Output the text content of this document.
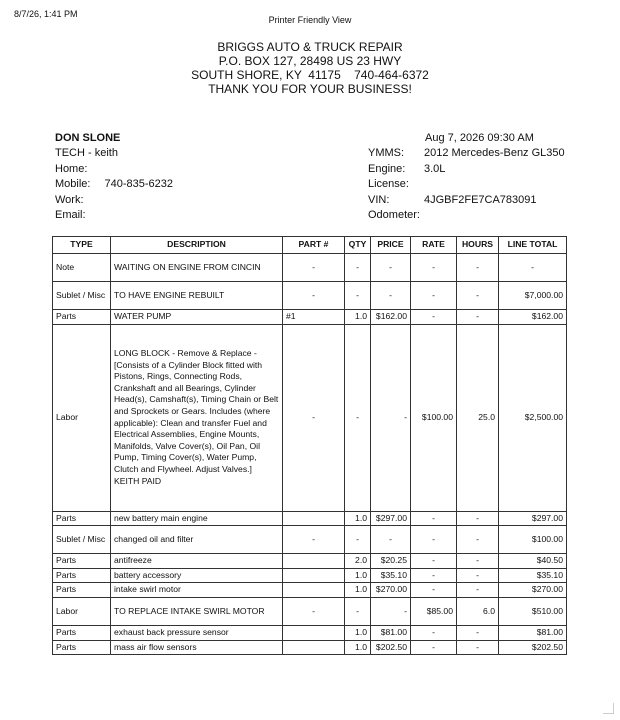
8/7/26, 1:41 PM
Printer Friendly View
BRIGGS AUTO & TRUCK REPAIR
P.O. BOX 127, 28498 US 23 HWY
SOUTH SHORE, KY  41175    740-464-6372
THANK YOU FOR YOUR BUSINESS!
DON SLONE
TECH - keith
Home:
Mobile: 740-835-6232
Work:
Email:
Aug 7, 2026 09:30 AM
YMMS:	2012 Mercedes-Benz GL350
Engine:	3.0L
License:
VIN:	4JGBF2FE7CA783091
Odometer:
TYPE	DESCRIPTION	PART #	QTY	PRICE	RATE	HOURS	LINE TOTAL
Note	WAITING ON ENGINE FROM CINCIN	-	-	-	-	-	-
Sublet / Misc	TO HAVE ENGINE REBUILT	-	-	-	-	-	$7,000.00
Parts	WATER PUMP	#1	1.0	$162.00	-	-	$162.00
Labor	LONG BLOCK - Remove & Replace - [Consists of a Cylinder Block fitted with Pistons, Rings, Connecting Rods, Crankshaft and all Bearings, Cylinder Head(s), Camshaft(s), Timing Chain or Belt and Sprockets or Gears. Includes (where applicable): Clean and transfer Fuel and Electrical Assemblies, Engine Mounts, Manifolds, Valve Cover(s), Oil Pan, Oil Pump, Timing Cover(s), Water Pump, Clutch and Flywheel. Adjust Valves.] KEITH PAID	-	-	-	$100.00	25.0	$2,500.00
Parts	new battery main engine		1.0	$297.00	-	-	$297.00
Sublet / Misc	changed oil and filter	-	-	-	-	-	$100.00
Parts	antifreeze		2.0	$20.25	-	-	$40.50
Parts	battery accessory		1.0	$35.10	-	-	$35.10
Parts	intake swirl motor		1.0	$270.00	-	-	$270.00
Labor	TO REPLACE INTAKE SWIRL MOTOR	-	-	-	$85.00	6.0	$510.00
Parts	exhaust back pressure sensor		1.0	$81.00	-	-	$81.00
Parts	mass air flow sensors		1.0	$202.50	-	-	$202.50
